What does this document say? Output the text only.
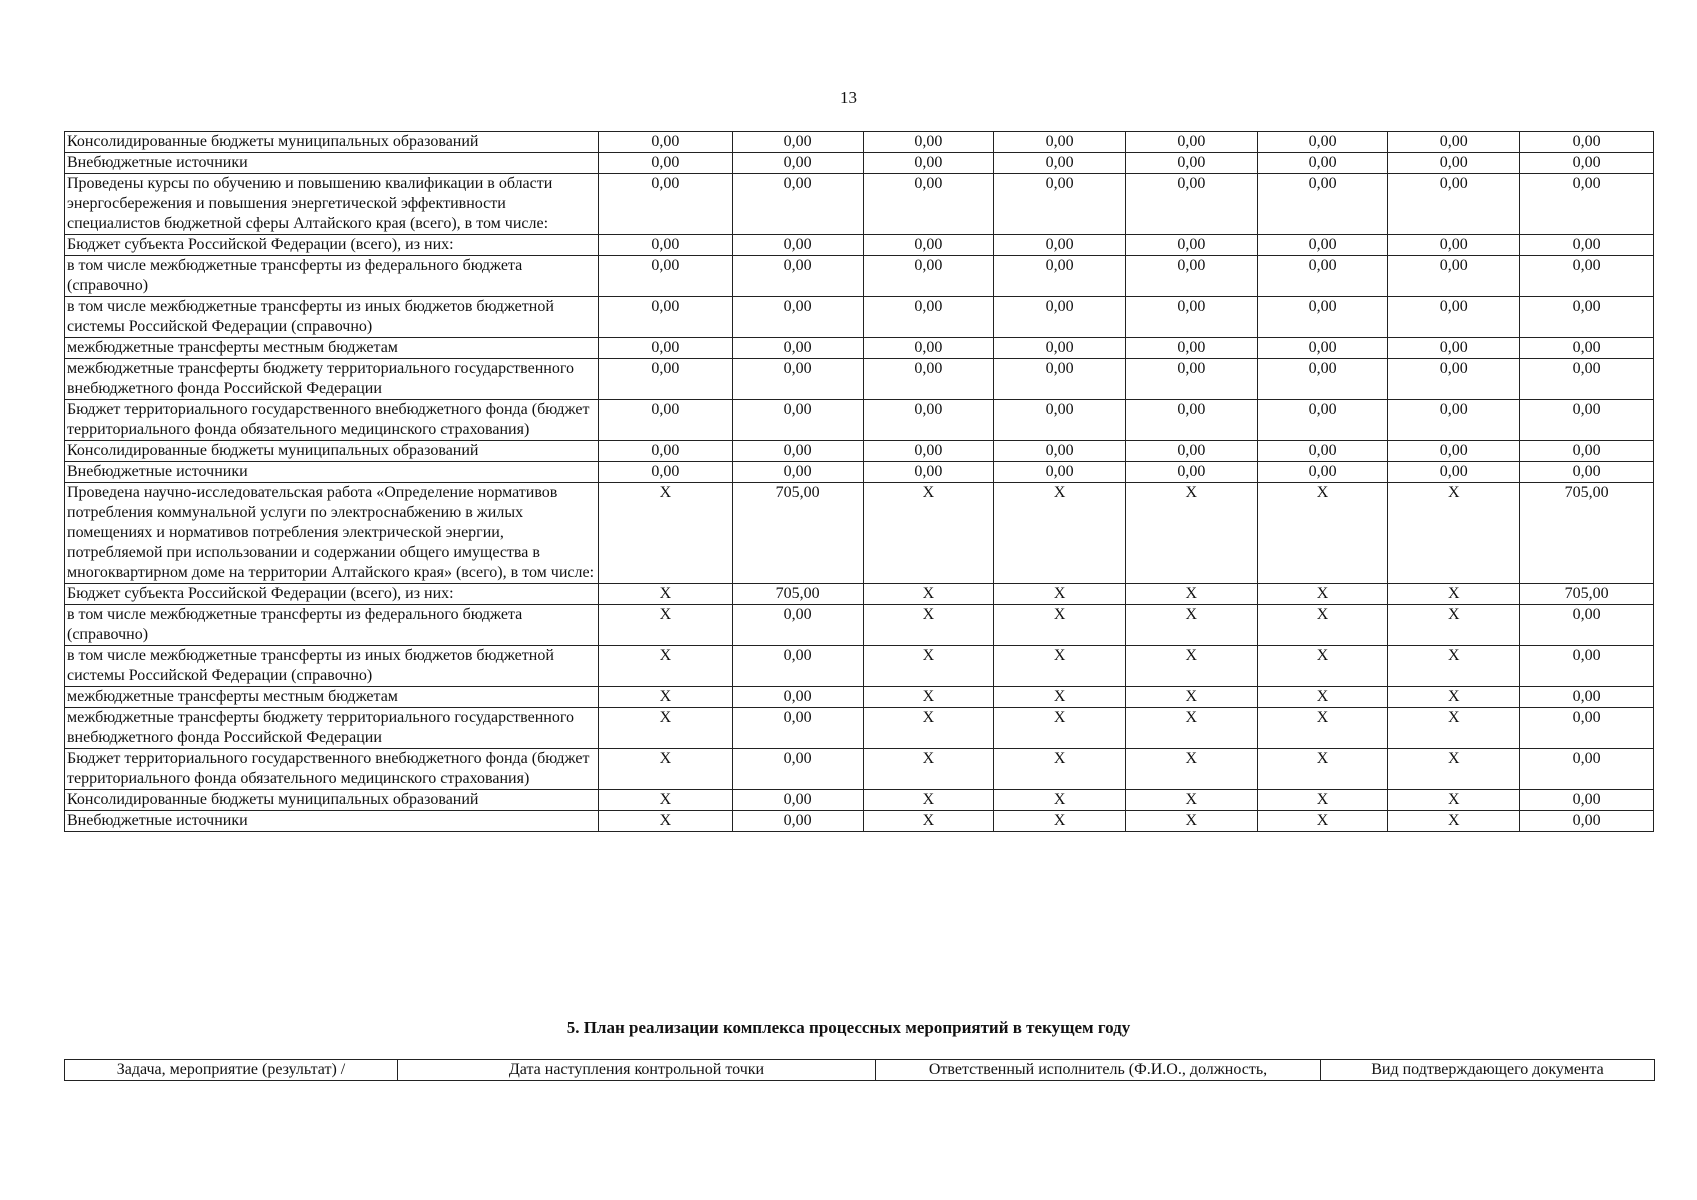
13
Консолидированные бюджеты муниципальных образований	0,00	0,00	0,00	0,00	0,00	0,00	0,00	0,00
Внебюджетные источники	0,00	0,00	0,00	0,00	0,00	0,00	0,00	0,00
Проведены курсы по обучению и повышению квалификации в области энергосбережения и повышения энергетической эффективности специалистов бюджетной сферы Алтайского края (всего), в том числе:	0,00	0,00	0,00	0,00	0,00	0,00	0,00	0,00
Бюджет субъекта Российской Федерации (всего), из них:	0,00	0,00	0,00	0,00	0,00	0,00	0,00	0,00
в том числе межбюджетные трансферты из федерального бюджета (справочно)	0,00	0,00	0,00	0,00	0,00	0,00	0,00	0,00
в том числе межбюджетные трансферты из иных бюджетов бюджетной системы Российской Федерации (справочно)	0,00	0,00	0,00	0,00	0,00	0,00	0,00	0,00
межбюджетные трансферты местным бюджетам	0,00	0,00	0,00	0,00	0,00	0,00	0,00	0,00
межбюджетные трансферты бюджету территориального государственного внебюджетного фонда Российской Федерации	0,00	0,00	0,00	0,00	0,00	0,00	0,00	0,00
Бюджет территориального государственного внебюджетного фонда (бюджет территориального фонда обязательного медицинского страхования)	0,00	0,00	0,00	0,00	0,00	0,00	0,00	0,00
Консолидированные бюджеты муниципальных образований	0,00	0,00	0,00	0,00	0,00	0,00	0,00	0,00
Внебюджетные источники	0,00	0,00	0,00	0,00	0,00	0,00	0,00	0,00
Проведена научно-исследовательская работа «Определение нормативов потребления коммунальной услуги по электроснабжению в жилых помещениях и нормативов потребления электрической энергии, потребляемой при использовании и содержании общего имущества в многоквартирном доме на территории Алтайского края» (всего), в том числе:	X	705,00	X	X	X	X	X	705,00
Бюджет субъекта Российской Федерации (всего), из них:	X	705,00	X	X	X	X	X	705,00
в том числе межбюджетные трансферты из федерального бюджета (справочно)	X	0,00	X	X	X	X	X	0,00
в том числе межбюджетные трансферты из иных бюджетов бюджетной системы Российской Федерации (справочно)	X	0,00	X	X	X	X	X	0,00
межбюджетные трансферты местным бюджетам	X	0,00	X	X	X	X	X	0,00
межбюджетные трансферты бюджету территориального государственного внебюджетного фонда Российской Федерации	X	0,00	X	X	X	X	X	0,00
Бюджет территориального государственного внебюджетного фонда (бюджет территориального фонда обязательного медицинского страхования)	X	0,00	X	X	X	X	X	0,00
Консолидированные бюджеты муниципальных образований	X	0,00	X	X	X	X	X	0,00
Внебюджетные источники	X	0,00	X	X	X	X	X	0,00
5. План реализации комплекса процессных мероприятий в текущем году
Задача, мероприятие (результат) /	Дата наступления контрольной точки	Ответственный исполнитель (Ф.И.О., должность,	Вид подтверждающего документа
